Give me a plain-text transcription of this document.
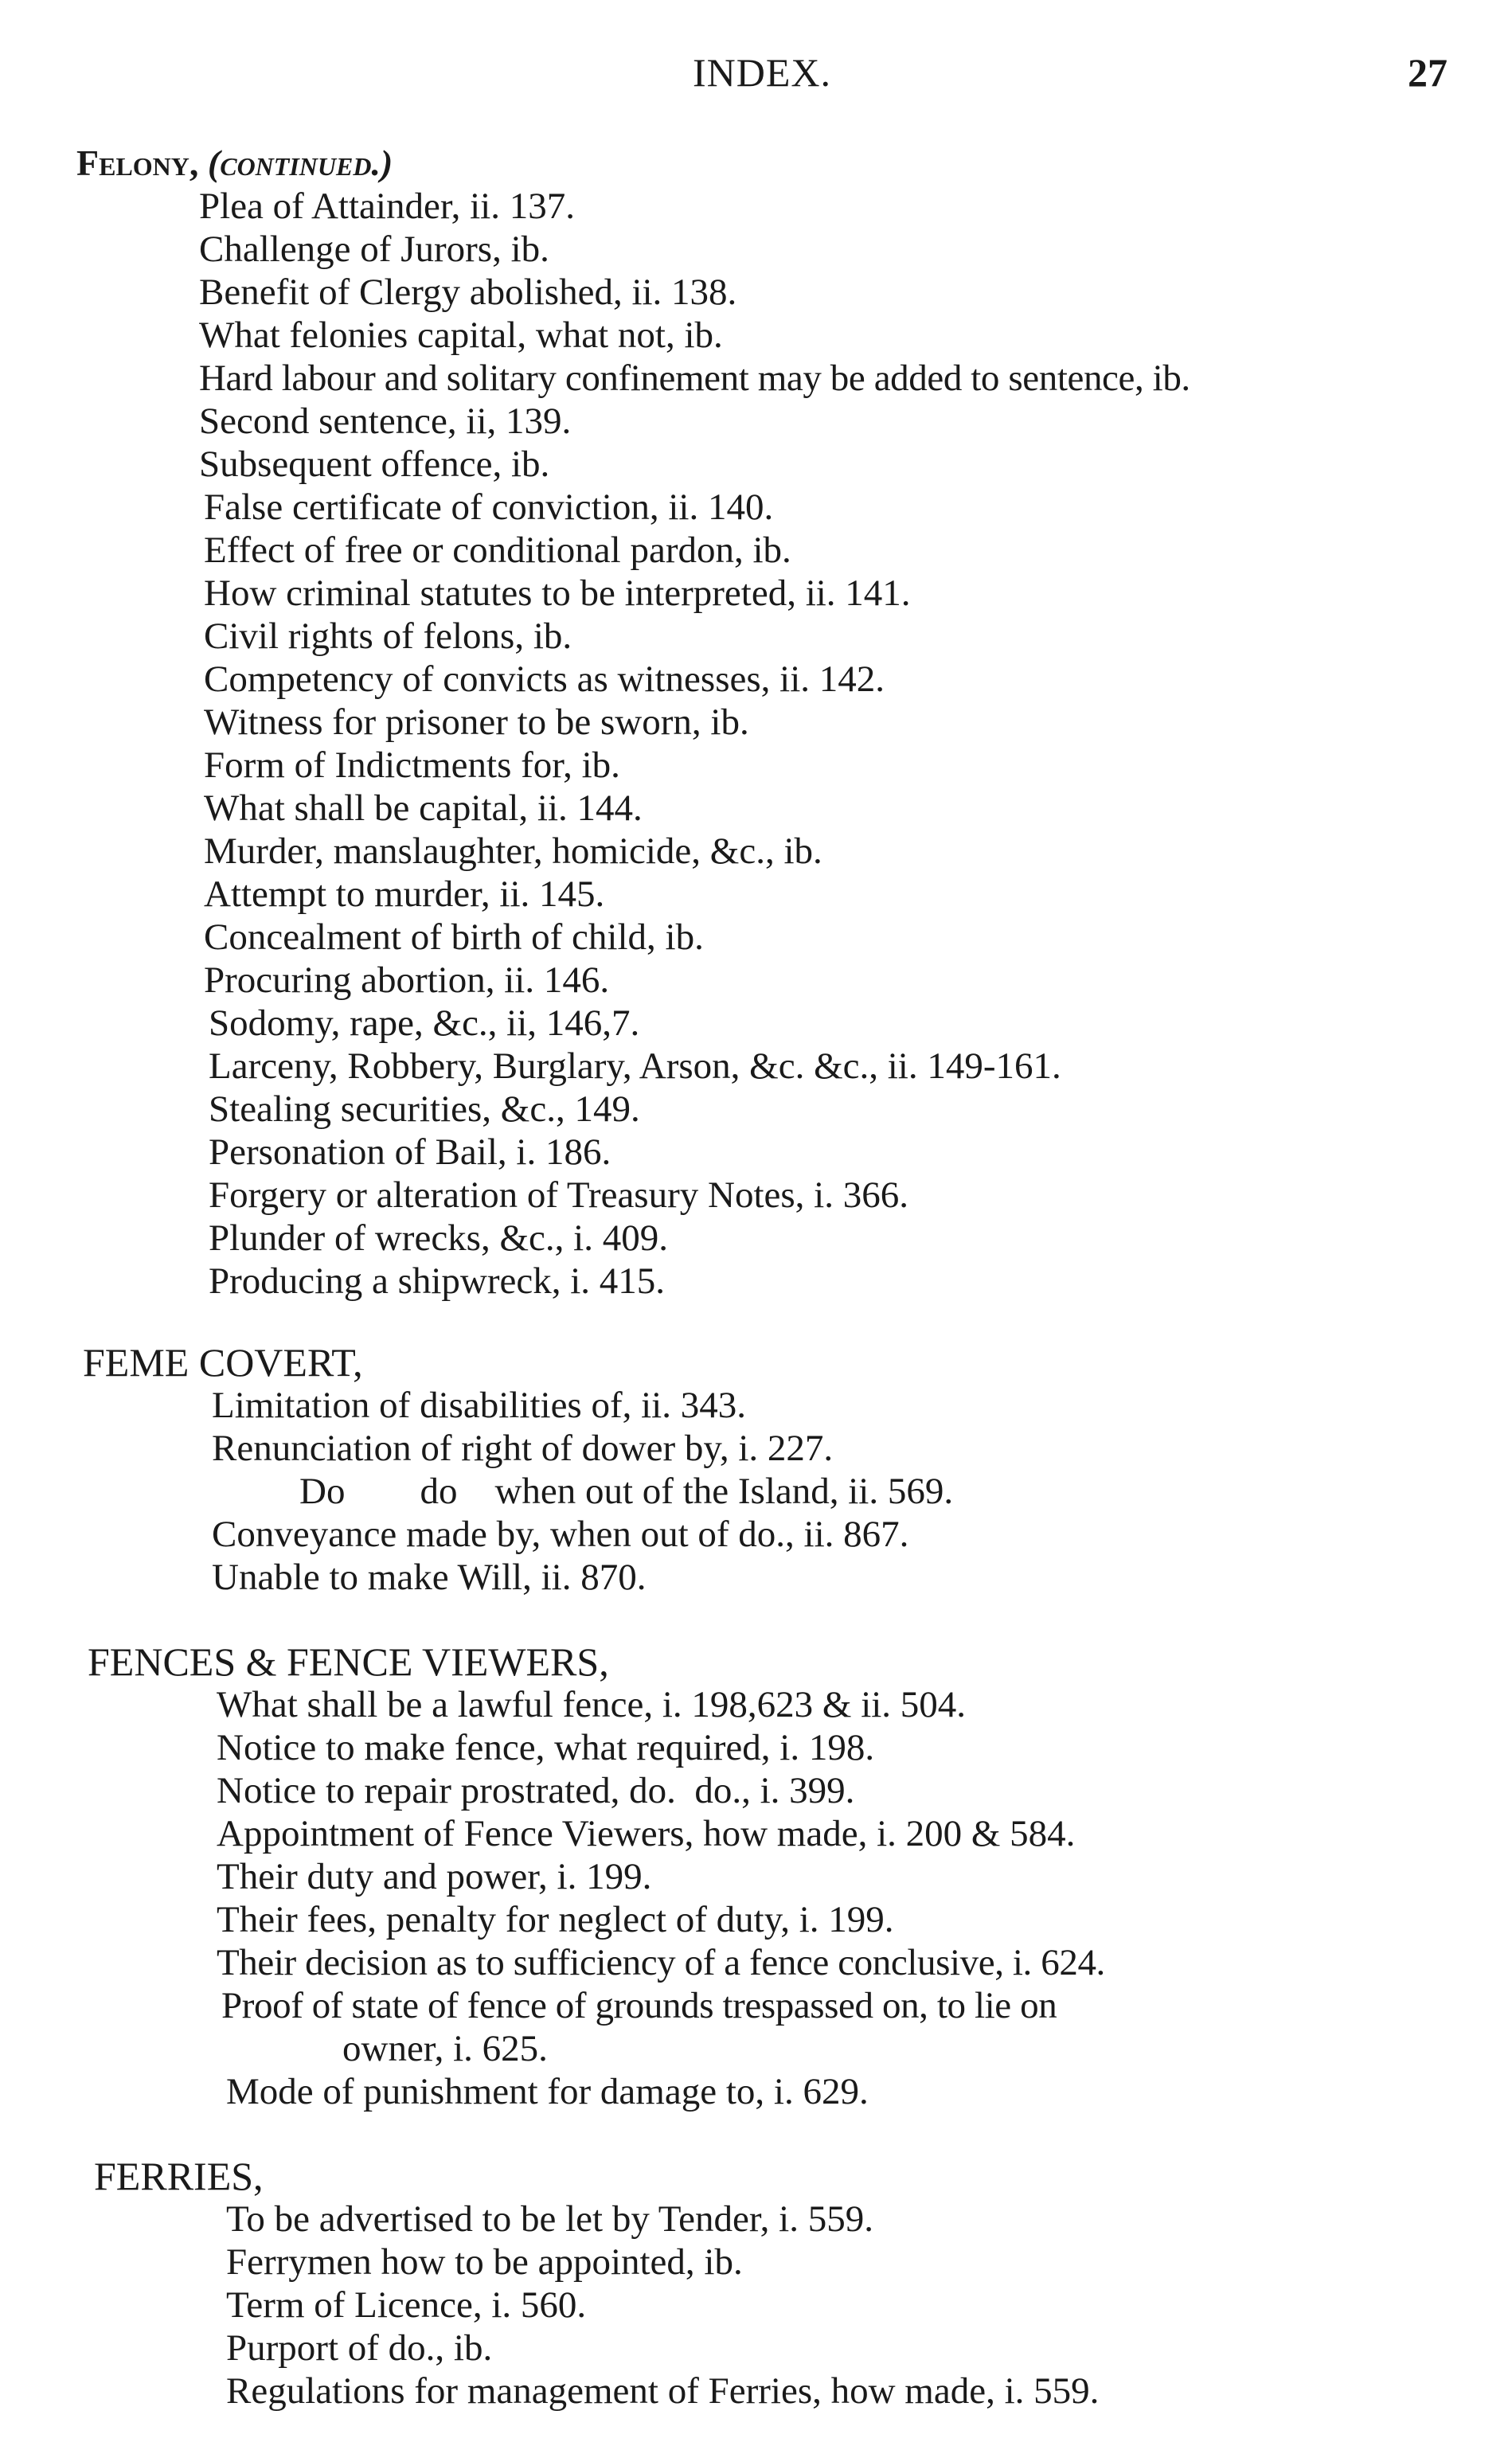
INDEX.	27
Felony, (continued.)
Plea of Attainder, ii. 137.
Challenge of Jurors, ib.
Benefit of Clergy abolished, ii. 138.
What felonies capital, what not, ib.
Hard labour and solitary confinement may be added to sentence, ib.
Second sentence, ii, 139.
Subsequent offence, ib.
False certificate of conviction, ii. 140.
Effect of free or conditional pardon, ib.
How criminal statutes to be interpreted, ii. 141.
Civil rights of felons, ib.
Competency of convicts as witnesses, ii. 142.
Witness for prisoner to be sworn, ib.
Form of Indictments for, ib.
What shall be capital, ii. 144.
Murder, manslaughter, homicide, &c., ib.
Attempt to murder, ii. 145.
Concealment of birth of child, ib.
Procuring abortion, ii. 146.
Sodomy, rape, &c., ii, 146,7.
Larceny, Robbery, Burglary, Arson, &c. &c., ii. 149-161.
Stealing securities, &c., 149.
Personation of Bail, i. 186.
Forgery or alteration of Treasury Notes, i. 366.
Plunder of wrecks, &c., i. 409.
Producing a shipwreck, i. 415.
FEME COVERT,
Limitation of disabilities of, ii. 343.
Renunciation of right of dower by, i. 227.
Do        do    when out of the Island, ii. 569.
Conveyance made by, when out of do., ii. 867.
Unable to make Will, ii. 870.
FENCES & FENCE VIEWERS,
What shall be a lawful fence, i. 198,623 & ii. 504.
Notice to make fence, what required, i. 198.
Notice to repair prostrated, do.  do., i. 399.
Appointment of Fence Viewers, how made, i. 200 & 584.
Their duty and power, i. 199.
Their fees, penalty for neglect of duty, i. 199.
Their decision as to sufficiency of a fence conclusive, i. 624.
Proof of state of fence of grounds trespassed on, to lie on
owner, i. 625.
Mode of punishment for damage to, i. 629.
FERRIES,
To be advertised to be let by Tender, i. 559.
Ferrymen how to be appointed, ib.
Term of Licence, i. 560.
Purport of do., ib.
Regulations for management of Ferries, how made, i. 559.
